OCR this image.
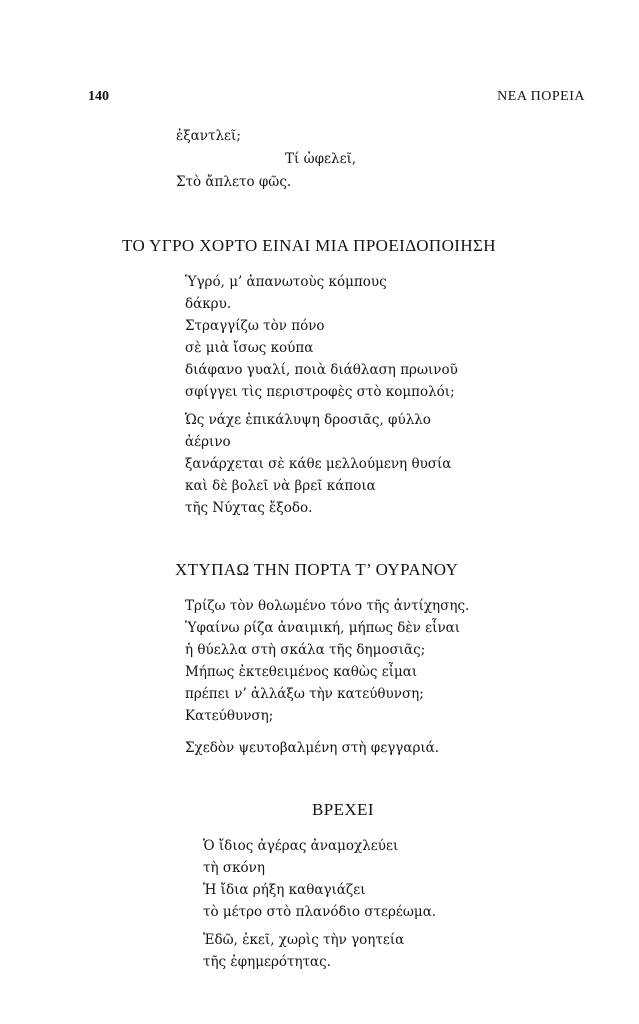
140	ΝΕΑ ΠΟΡΕΙΑ
ἐξαντλεῖ;
Τί ὠφελεῖ,
Στὸ ἄπλετο φῶς.
ΤΟ ΥΓΡΟ ΧΟΡΤΟ ΕΙΝΑΙ ΜΙΑ ΠΡΟΕΙΔΟΠΟΙΗΣΗ
Ὑγρό, μ’ ἀπανωτοὺς κόμπους
δάκρυ.
Στραγγίζω τὸν πόνο
σὲ μιὰ ἴσως κούπα
διάφανο γυαλί, ποιὰ διάθλαση πρωινοῦ
σφίγγει τὶς περιστροφὲς στὸ κομπολόι;
Ὡς νάχε ἐπικάλυψη δροσιᾶς, φύλλο
ἀέρινο
ξανάρχεται σὲ κάθε μελλούμενη θυσία
καὶ δὲ βολεῖ νὰ βρεῖ κάποια
τῆς Νύχτας ἔξοδο.
ΧΤΥΠΑΩ ΤΗΝ ΠΟΡΤΑ Τ’ ΟΥΡΑΝΟΥ
Τρίζω τὸν θολωμένο τόνο τῆς ἀντίχησης.
Ὑφαίνω ρίζα ἀναιμική, μήπως δὲν εἶναι
ἡ θύελλα στὴ σκάλα τῆς δημοσιᾶς;
Μήπως ἐκτεθειμένος καθὼς εἶμαι
πρέπει ν’ ἀλλάξω τὴν κατεύθυνση;
Κατεύθυνση;
Σχεδὸν ψευτοβαλμένη στὴ φεγγαριά.
ΒΡΕΧΕΙ
Ὁ ἴδιος ἀγέρας ἀναμοχλεύει
τὴ σκόνη
Ἡ ἴδια ρήξη καθαγιάζει
τὸ μέτρο στὸ πλανόδιο στερέωμα.
Ἐδῶ, ἐκεῖ, χωρὶς τὴν γοητεία
τῆς ἐφημερότητας.
